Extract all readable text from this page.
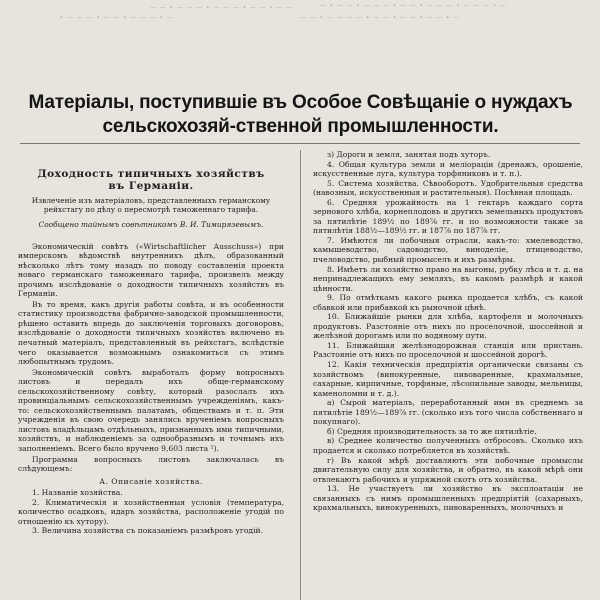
— — ∙ — — — ∙ — — — ∙ — — ∙ — —	— ∙ — — ∙ — — — ∙ — — ∙ — — — ∙ — — — ∙ —
∙ — — — ∙ — — ∙ — — — ∙ —	— — ∙ — — — — ∙ — — ∙ — — ∙ — — ∙ —
Матеріалы, поступившіе въ Особое Совѣщаніе о нуждахъ сельскохозяй-ственной промышленности.
Доходность типичныхъ хозяйствъ
въ Германіи.
Извлеченіе изъ матеріаловъ, представленныхъ германскому рейхстагу по дѣлу о пересмотрѣ таможеннаго тарифа.
Сообщено тайнымъ совѣтникомъ В. И. Тимирязевымъ.

Экономическій совѣтъ («Wirtschaftlicher Ausschuss») при имперскомъ вѣдомствѣ внутреннихъ дѣлъ, образованный нѣсколько лѣтъ тому назадъ по поводу составленія проекта новаго германскаго таможеннаго тарифа, произвелъ между прочимъ изслѣдованіе о доходности типичныхъ хозяйствъ въ Германіи.

Въ то время, какъ другія работы совѣта, и въ особенности статистику производства фабрично-заводской промышленности, рѣшено оставить впредь до заключенія торговыхъ договоровъ, изслѣдованіе о доходности типичныхъ хозяйствъ включено въ печатный матеріалъ, представленный въ рейхстагъ, вслѣдствіе чего оказывается возможнымъ ознакомиться съ этимъ любопытнымъ трудомъ.

Экономическій совѣтъ выработалъ форму вопросныхъ листовъ и передалъ ихъ обще-германскому сельскохозяйственному совѣту, который разослалъ ихъ провинціальнымъ сельскохозяйственнымъ учрежденіямъ, какъ-то: сельскохозяйственнымъ палатамъ, обществамъ и т. п. Эти учрежденія въ свою очередь занялись врученіемъ вопросныхъ листовъ владѣльцамъ отдѣльныхъ, признанныхъ ими типичными, хозяйствъ, и наблюденіемъ за однообразнымъ и точнымъ ихъ заполненіемъ. Всего было вручено 9,603 листа ¹).

Программа вопросныхъ листовъ заключалась въ слѣдующемъ:

А. Описаніе хозяйства.

1. Названіе хозяйства.

2. Климатическія и хозяйственныя условія (температура, количество осадковъ, идаръ хозяйства, расположеніе угодій по отношенію къ хутору).

3. Величина хозяйства съ показаніемъ размѣровъ угодій.

з) Дороги и земля, занятая подъ хуторъ.

4. Общая культура земли и меліораціи (дренажъ, орошеніе, искусственные луга, культура торфяниковъ и т. п.).

5. Система хозяйства. Сѣвооборотъ. Удобрительныя средства (навозныя, искусственныя и растительныя). Посѣвная площадь.

6. Средняя урожайность на 1 гектаръ каждаго сорта зернового хлѣба, корнеплодовъ и другихъ земельныхъ продуктовъ за пятилѣтіе 189⅟₂ по 189⅞ гг. и по возможности также за пятилѣтія 188⅟₂—189⅟₂ гг. и 187⅞ по 187⅞ гг.

7. Имѣются ли побочныя отрасли, какъ-то: хмелеводство, камышеводство, садоводство, виноделіе, птицеводство, пчеловодство, рыбный промыселъ и ихъ размѣры.

8. Имѣетъ ли хозяйство право на выгоны, рубку лѣса и т. д. на непринадлежащихъ ему земляхъ, въ какомъ размѣрѣ и какой цѣнности.

9. По отмѣткамъ какого рынка продается хлѣбъ, съ какой сбавкой или прибавкой къ рыночной цѣнѣ.

10. Ближайшіе рынки для хлѣба, картофеля и молочныхъ продуктовъ. Разстояніе отъ нихъ по проселочной, шоссейной и желѣзной дорогамъ или по водяному пути.

11. Ближайшая желѣзнодорожная станція или пристань. Разстояніе отъ нихъ по проселочной и шоссейной дорогѣ.

12. Какія техническія предпріятія органически связаны съ хозяйствомъ (винокуренные, пивоваренные, крахмальные, сахарные, кирпичные, торфяные, лѣсопильные заводы, мельницы, каменоломни и т. д.).

а) Сырой матеріалъ, переработанный ими въ среднемъ за пятилѣтіе 189⅟₂—189⅞ гг. (сколько изъ того числа собственнаго и покупнаго).

б) Средняя производительность за то же пятилѣтіе.

в) Среднее количество полученныхъ отбросовъ. Сколько ихъ продается и сколько потребляется въ хозяйствѣ.

г) Въ какой мѣрѣ доставляютъ эти побочные промыслы двигательную силу для хозяйства, и обратно, въ какой мѣрѣ они отвлекаютъ рабочихъ и упряжной скотъ отъ хозяйства.

13. Не участвуетъ ли хозяйство въ эксплоатаціи не связанныхъ съ нимъ промышленныхъ предпріятій (сахарныхъ, крахмальныхъ, винокуренныхъ, пивоваренныхъ, молочныхъ и
